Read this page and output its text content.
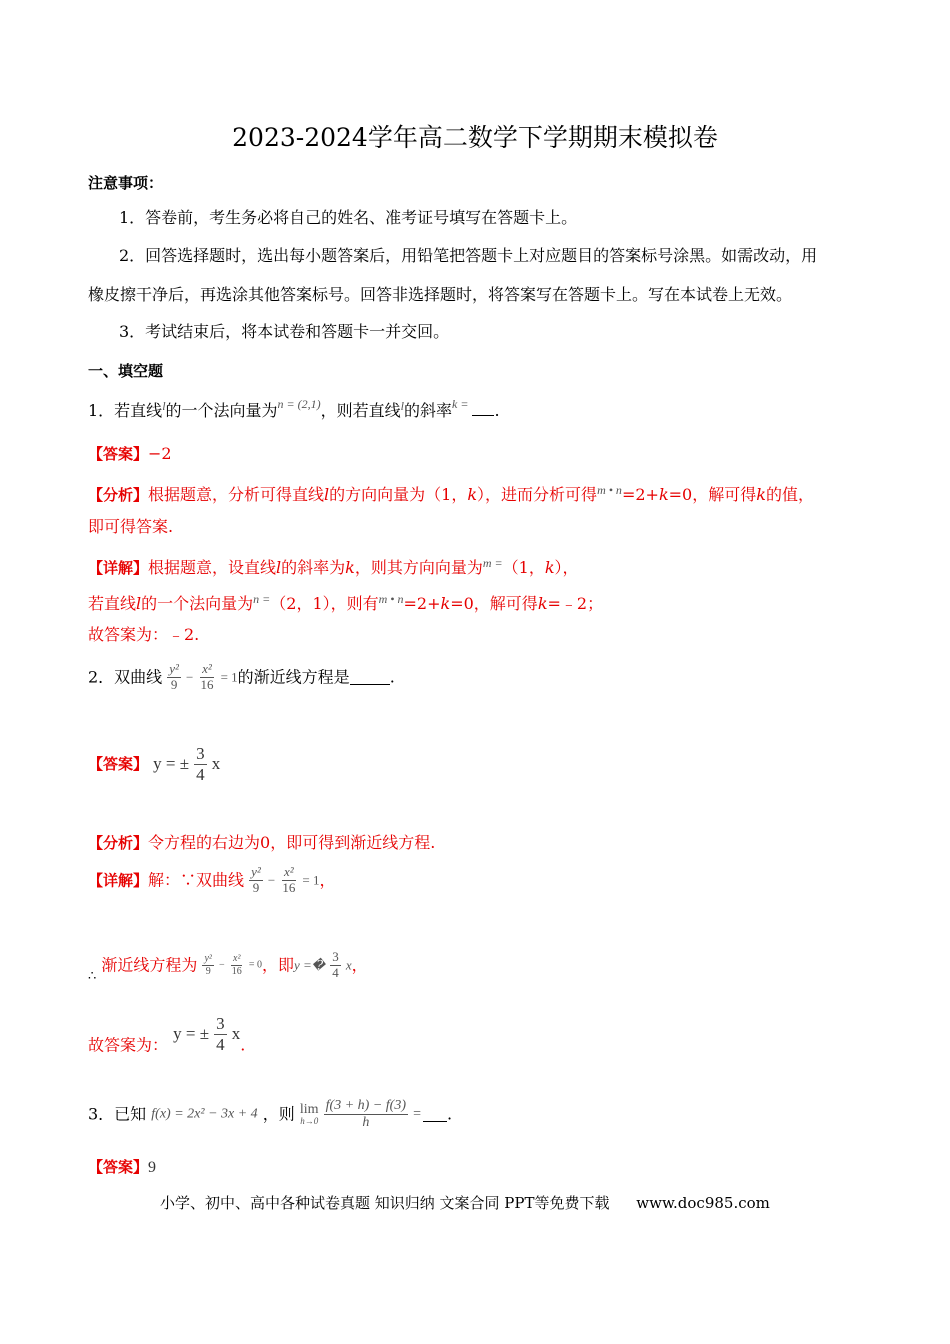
2023-2024学年高二数学下学期期末模拟卷
注意事项：
1．答卷前，考生务必将自己的姓名、准考证号填写在答题卡上。
2．回答选择题时，选出每小题答案后，用铅笔把答题卡上对应题目的答案标号涂黑。如需改动，用
橡皮擦干净后，再选涂其他答案标号。回答非选择题时，将答案写在答题卡上。写在本试卷上无效。
3．考试结束后，将本试卷和答题卡一并交回。
一、填空题
1．若直线$^l$的一个法向量为$^{n = (2,1)}$，则若直线$^l$的斜率$^{k =}$ .
【答案】−2
【分析】根据题意，分析可得直线l的方向向量为（1，k），进而分析可得$^{m • n}$=2+k=0，解可得k的值，
即可得答案.
【详解】根据题意，设直线l的斜率为k，则其方向向量为$^{m =}$（1，k），
若直线l的一个法向量为$^{n =}$（2，1），则有$^{m • n}$=2+k=0，解可得k=﹣2；
故答案为：﹣2.
2．双曲线 $\frac{\text{y²}}{9} - \frac{\text{x²}}{16} = 1$的渐近线方程是	.
【答案】 y = ± $\frac{3}{4}$ x
【分析】令方程的右边为0，即可得到渐近线方程.
【详解】解：∵双曲线 $\frac{\text{y²}}{9} - \frac{\text{x²}}{16} = 1$，
$_\therefore$ 渐近线方程为 $\frac{\text{y²}}{9} - \frac{\text{x²}}{16} = 0$，即y =� $\frac{3}{4}$ x，
故答案为： y = ± $\frac{3}{4} x$.
3．已知 f(x) = 2x² − 3x + 4 ，则 lim
h→0
$\frac{f(3 + h) - f(3)}{h}$ = .
【答案】9
小学、初中、高中各种试卷真题 知识归纳 文案合同 PPT等免费下载 www.doc985.com
